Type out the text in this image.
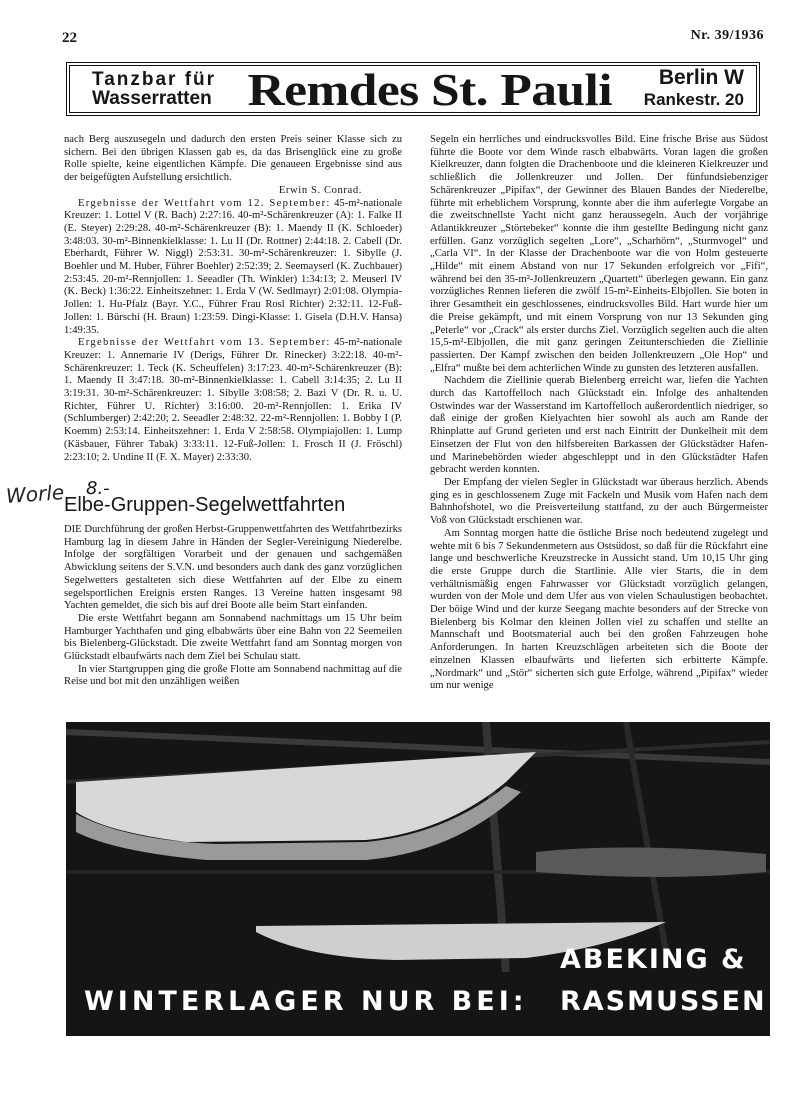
22	Nr. 39/1936
Tanzbar für
Wasserratten Remdes St. Pauli	Berlin W
Rankestr. 20

nach Berg auszusegeln und dadurch den ersten Preis seiner Klasse sich zu sichern. Bei den übrigen Klassen gab es, da das Brisenglück eine zu große Rolle spielte, keine eigentlichen Kämpfe. Die genaueen Ergebnisse sind aus der beigefügten Aufstellung ersichtlich.

Erwin S. Conrad.

Ergebnisse der Wettfahrt vom 12. September: 45-m²-nationale Kreuzer: 1. Lottel V (R. Bach) 2:27:16. 40-m²-Schärenkreuzer (A): 1. Falke II (E. Steyer) 2:29:28. 40-m²-Schärenkreuzer (B): 1. Maendy II (K. Schloeder) 3:48:03. 30-m²-Binnenkielklasse: 1. Lu II (Dr. Rottner) 2:44:18. 2. Cabell (Dr. Eberhardt, Führer W. Niggl) 2:53:31. 30-m²-Schärenkreuzer: 1. Sibylle (J. Boehler und M. Huber, Führer Boehler) 2:52:39; 2. Seemayserl (K. Zuchbauer) 2:53:45. 20-m²-Rennjollen: 1. Seeadler (Th. Winkler) 1:34:13; 2. Meuserl IV (K. Beck) 1:36:22. Einheitszehner: 1. Erda V (W. Sedlmayr) 2:01:08. Olympia-Jollen: 1. Hu-Pfalz (Bayr. Y.C., Führer Frau Rosl Richter) 2:32:11. 12-Fuß-Jollen: 1. Bürschi (H. Braun) 1:23:59. Dingi-Klasse: 1. Gisela (D.H.V. Hansa) 1:49:35.

Ergebnisse der Wettfahrt vom 13. September: 45-m²-nationale Kreuzer: 1. Annemarie IV (Derigs, Führer Dr. Rinecker) 3:22:18. 40-m²-Schärenkreuzer: 1. Teck (K. Scheuffelen) 3:17:23. 40-m²-Schärenkreuzer (B): 1. Maendy II 3:47:18. 30-m²-Binnenkielklasse: 1. Cabell 3:14:35; 2. Lu II 3:19:31. 30-m²-Schärenkreuzer: 1. Sibylle 3:08:58; 2. Bazi V (Dr. R. u. U. Richter, Führer U. Richter) 3:16:00. 20-m²-Rennjollen: 1. Erika IV (Schlumberger) 2:42:20; 2. Seeadler 2:48:32. 22-m²-Rennjollen: 1. Bobby I (P. Koemm) 2:53:14. Einheitszehner: 1. Erda V 2:58:58. Olympiajollen: 1. Lump (Käsbauer, Führer Tabak) 3:33:11. 12-Fuß-Jollen: 1. Frosch II (J. Fröschl) 2:23:10; 2. Undine II (F. X. Mayer) 2:33:30.

Worle 8.-
Elbe-Gruppen-Segelwettfahrten

DIE Durchführung der großen Herbst-Gruppenwettfahrten des Wettfahrtbezirks Hamburg lag in diesem Jahre in Händen der Segler-Vereinigung Niederelbe. Infolge der sorgfältigen Vorarbeit und der genauen und sachgemäßen Abwicklung seitens der S.V.N. und besonders auch dank des ganz vorzüglichen Segelwetters gestalteten sich diese Wettfahrten auf der Elbe zu einem segelsportlichen Ereignis ersten Ranges. 13 Vereine hatten insgesamt 98 Yachten gemeldet, die sich bis auf drei Boote alle beim Start einfanden.

Die erste Wettfahrt begann am Sonnabend nachmittags um 15 Uhr beim Hamburger Yachthafen und ging elbabwärts über eine Bahn von 22 Seemeilen bis Bielenberg-Glückstadt. Die zweite Wettfahrt fand am Sonntag morgen von Glückstadt elbaufwärts nach dem Ziel bei Schulau statt.

In vier Startgruppen ging die große Flotte am Sonnabend nachmittag auf die Reise und bot mit den unzähligen weißen

Segeln ein herrliches und eindrucksvolles Bild. Eine frische Brise aus Südost führte die Boote vor dem Winde rasch elbabwärts. Voran lagen die großen Kielkreuzer, dann folgten die Drachenboote und die kleineren Kielkreuzer und schließlich die Jollenkreuzer und Jollen. Der fünfundsiebenziger Schärenkreuzer „Pipifax“, der Gewinner des Blauen Bandes der Niederelbe, führte mit erheblichem Vorsprung, konnte aber die ihm auferlegte Vorgabe an die zweitschnellste Yacht nicht ganz heraussegeln. Auch der vorjährige Atlantikkreuzer „Störtebeker“ konnte die ihm gestellte Bedingung nicht ganz erfüllen. Ganz vorzüglich segelten „Lore“, „Scharhörn“, „Sturmvogel“ und „Carla VI“. In der Klasse der Drachenboote war die von Holm gesteuerte „Hilde“ mit einem Abstand von nur 17 Sekunden erfolgreich vor „Fifi“, während bei den 35-m²-Jollenkreuzern „Quartett“ überlegen gewann. Ein ganz vorzügliches Rennen lieferen die zwölf 15-m²-Einheits-Elbjollen. Sie boten in ihrer Gesamtheit ein geschlossenes, eindrucksvolles Bild. Hart wurde hier um die Preise gekämpft, und mit einem Vorsprung von nur 13 Sekunden ging „Peterle“ vor „Crack“ als erster durchs Ziel. Vorzüglich segelten auch die alten 15,5-m²-Elbjollen, die mit ganz geringen Zeitunterschieden die Ziellinie passierten. Der Kampf zwischen den beiden Jollenkreuzern „Ole Hop“ und „Elfra“ mußte bei dem achterlichen Winde zu gunsten des letzteren ausfallen.

Nachdem die Ziellinie querab Bielenberg erreicht war, liefen die Yachten durch das Kartoffelloch nach Glückstadt ein. Infolge des anhaltenden Ostwindes war der Wasserstand im Kartoffelloch außerordentlich niedriger, so daß einige der großen Kielyachten hier sowohl als auch am Rande der Rhinplatte auf Grund gerieten und erst nach Eintritt der Dunkelheit mit dem Einsetzen der Flut von den hilfsbereiten Barkassen der Glückstädter Hafen- und Marinebehörden wieder abgeschleppt und in den Glückstädter Hafen gebracht werden konnten.

Der Empfang der vielen Segler in Glückstadt war überaus herzlich. Abends ging es in geschlossenem Zuge mit Fackeln und Musik vom Hafen nach dem Bahnhofshotel, wo die Preisverteilung stattfand, zu der auch Bürgermeister Voß von Glückstadt erschienen war.

Am Sonntag morgen hatte die östliche Brise noch bedeutend zugelegt und wehte mit 6 bis 7 Sekundenmetern aus Ostsüdost, so daß für die Rückfahrt eine lange und beschwerliche Kreuzstrecke in Aussicht stand. Um 10,15 Uhr ging die erste Gruppe durch die Startlinie. Alle vier Starts, die in dem verhältnismäßig engen Fahrwasser vor Glückstadt vorzüglich gelangen, wurden von der Mole und dem Ufer aus von vielen Schaulustigen beobachtet. Der böige Wind und der kurze Seegang machte besonders auf der Strecke von Bielenberg bis Kolmar den kleinen Jollen viel zu schaffen und stellte an Mannschaft und Bootsmaterial auch bei den großen Fahrzeugen hohe Anforderungen. In harten Kreuzschlägen arbeiteten sich die Boote der einzelnen Klassen elbaufwärts und lieferten sich erbitterte Kämpfe. „Nordmark“ und „Stör“ sicherten sich gute Erfolge, während „Pipifax“ wieder um nur wenige

ABEKING &
WINTERLAGER NUR BEI: RASMUSSEN
